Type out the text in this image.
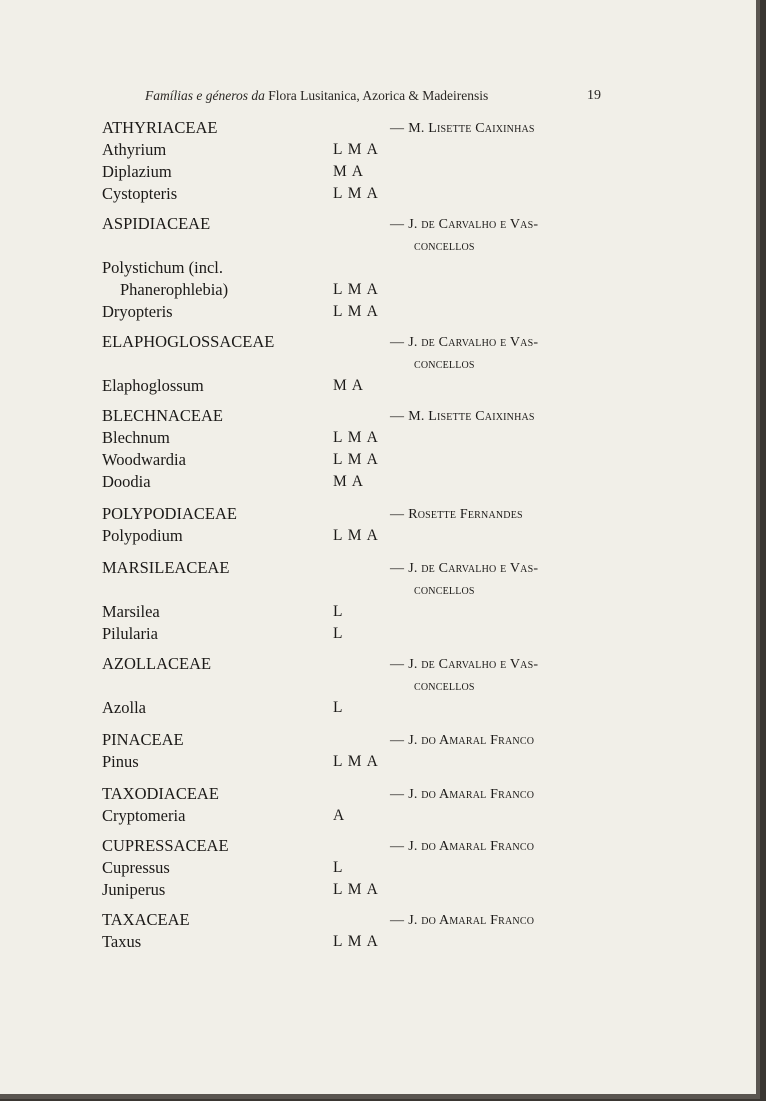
Famílias e géneros da Flora Lusitanica, Azorica & Madeirensis	19
ATHYRIACEAE	— M. Lisette Caixinhas
Athyrium	L M A
Diplazium	M A
Cystopteris	L M A
ASPIDIACEAE	— J. de Carvalho e Vas-
concellos
Polystichum (incl.
Phanerophlebia)	L M A
Dryopteris	L M A
ELAPHOGLOSSACEAE	— J. de Carvalho e Vas-
concellos
Elaphoglossum	M A
BLECHNACEAE	— M. Lisette Caixinhas
Blechnum	L M A
Woodwardia	L M A
Doodia	M A
POLYPODIACEAE	— Rosette Fernandes
Polypodium	L M A
MARSILEACEAE	— J. de Carvalho e Vas-
concellos
Marsilea	L
Pilularia	L
AZOLLACEAE	— J. de Carvalho e Vas-
concellos
Azolla	L
PINACEAE	— J. do Amaral Franco
Pinus	L M A
TAXODIACEAE	— J. do Amaral Franco
Cryptomeria	A
CUPRESSACEAE	— J. do Amaral Franco
Cupressus	L
Juniperus	L M A
TAXACEAE	— J. do Amaral Franco
Taxus	L M A
